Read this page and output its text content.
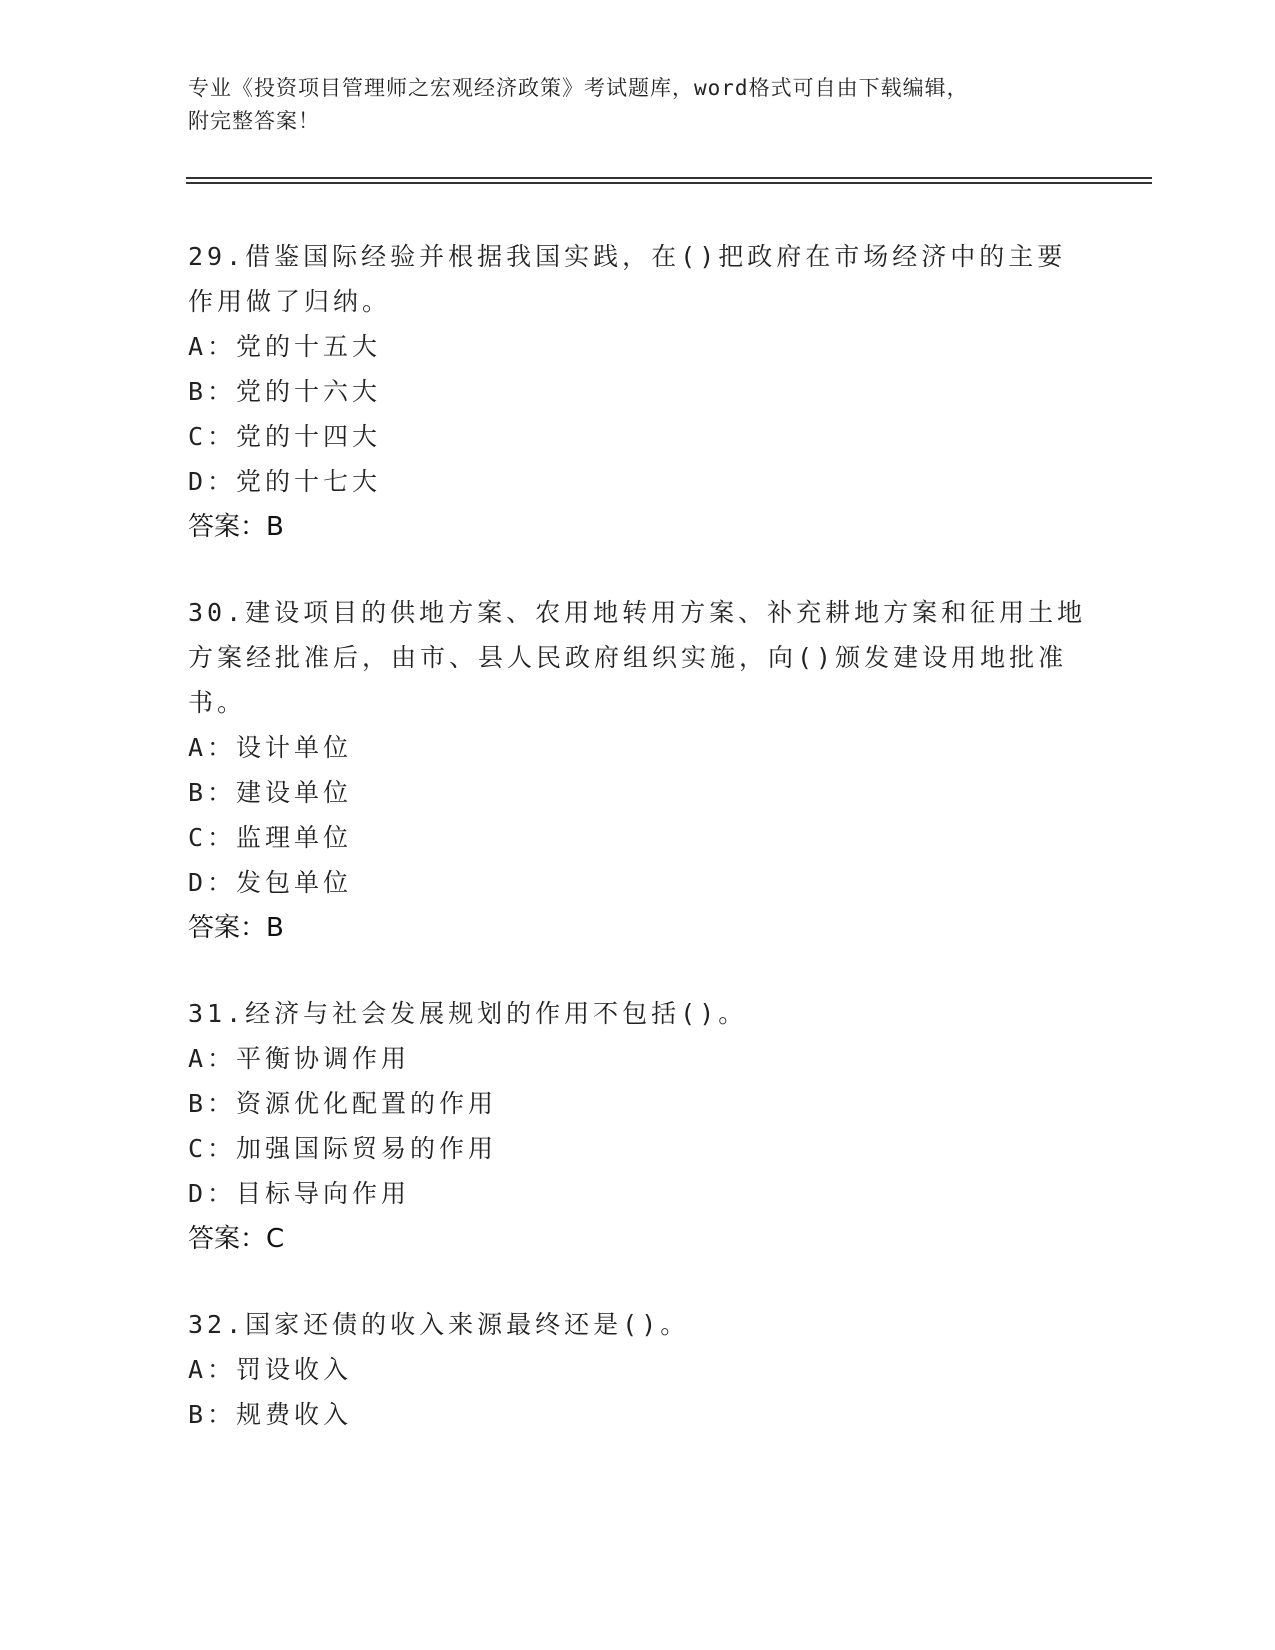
专业《投资项目管理师之宏观经济政策》考试题库，word格式可自由下载编辑，
附完整答案！

29.借鉴国际经验并根据我国实践，在()把政府在市场经济中的主要作用做了归纳。

A：党的十五大

B：党的十六大

C：党的十四大

D：党的十七大

答案：B

30.建设项目的供地方案、农用地转用方案、补充耕地方案和征用土地方案经批准后，由市、县人民政府组织实施，向()颁发建设用地批准书。

A：设计单位

B：建设单位

C：监理单位

D：发包单位

答案：B

31.经济与社会发展规划的作用不包括()。

A：平衡协调作用

B：资源优化配置的作用

C：加强国际贸易的作用

D：目标导向作用

答案：C

32.国家还债的收入来源最终还是()。

A：罚设收入

B：规费收入
